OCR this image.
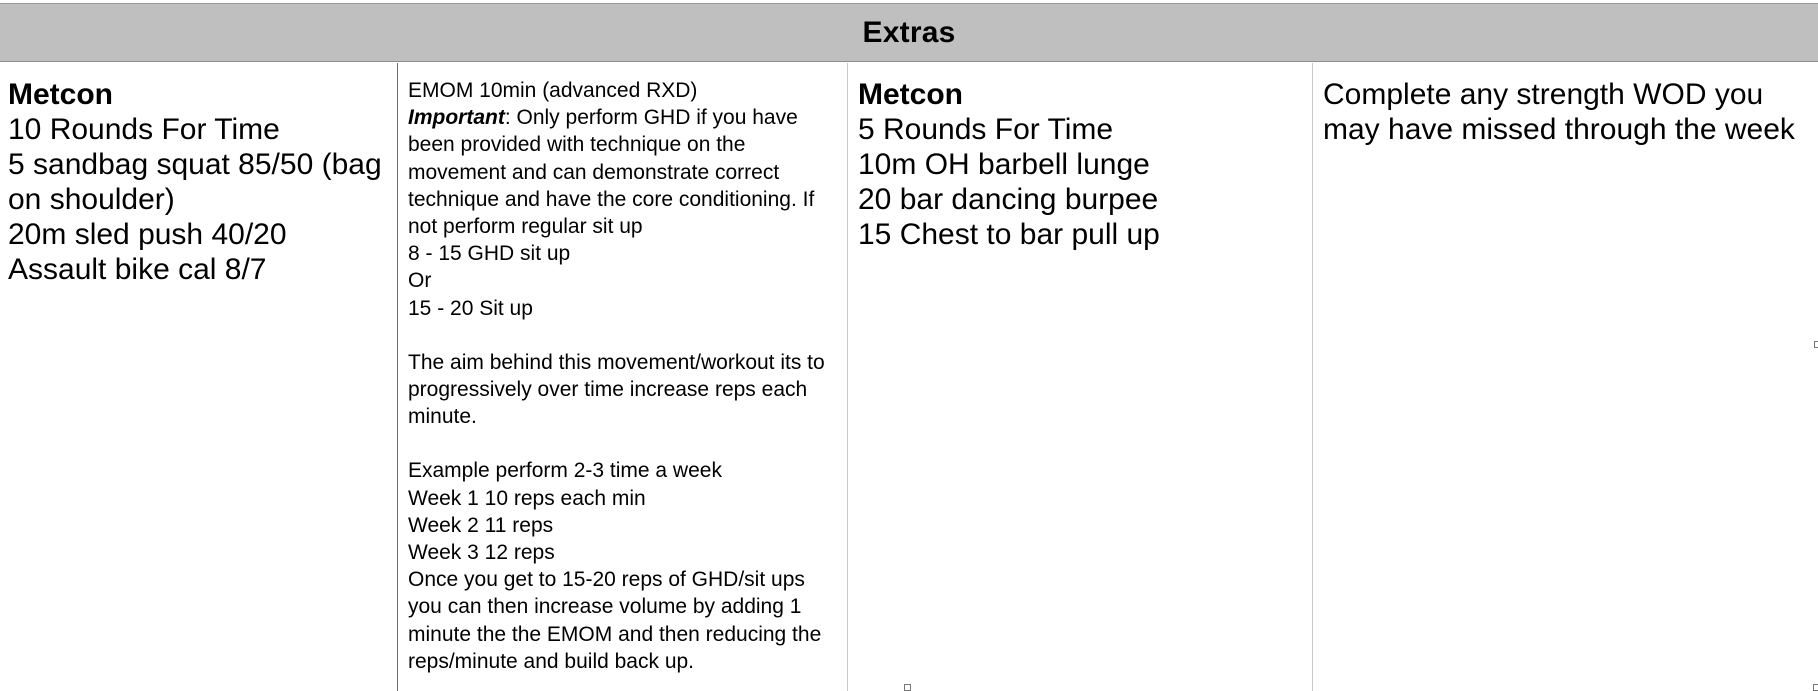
Extras
Metcon
10 Rounds For Time
5 sandbag squat 85/50 (bag on shoulder)
20m sled push 40/20
Assault bike cal 8/7
EMOM 10min (advanced RXD)
Important: Only perform GHD if you have been provided with technique on the movement and can demonstrate correct technique and have the core conditioning. If not perform regular sit up
8 - 15 GHD sit up
Or
15 - 20 Sit up
The aim behind this movement/workout its to progressively over time increase reps each minute.
Example perform 2-3 time a week
Week 1 10 reps each min
Week 2 11 reps
Week 3 12 reps
Once you get to 15-20 reps of GHD/sit ups you can then increase volume by adding 1 minute the the EMOM and then reducing the reps/minute and build back up.
Metcon
5 Rounds For Time
10m OH barbell lunge
20 bar dancing burpee
15 Chest to bar pull up
Complete any strength WOD you may have missed through the week
